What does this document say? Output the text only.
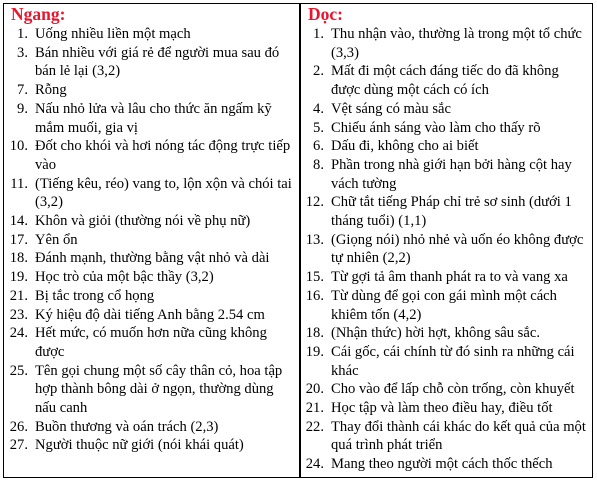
Ngang:
1. Uống nhiều liền một mạch
3. Bán nhiều với giá rẻ để người mua sau đó bán lẻ lại (3,2)
7. Rỗng
9. Nấu nhỏ lửa và lâu cho thức ăn ngấm kỹ mắm muối, gia vị
10. Đốt cho khói và hơi nóng tác động trực tiếp vào
11. (Tiếng kêu, réo) vang to, lộn xộn và chói tai (3,2)
14. Khôn và giỏi (thường nói về phụ nữ)
17. Yên ổn
18. Đánh mạnh, thường bằng vật nhỏ và dài
19. Học trò của một bậc thầy (3,2)
21. Bị tắc trong cổ họng
23. Ký hiệu độ dài tiếng Anh bằng 2.54 cm
24. Hết mức, có muốn hơn nữa cũng không được
25. Tên gọi chung một số cây thân cỏ, hoa tập hợp thành bông dài ở ngọn, thường dùng nấu canh
26. Buồn thương và oán trách (2,3)
27. Người thuộc nữ giới (nói khái quát)
Dọc:
1. Thu nhận vào, thường là trong một tổ chức (3,3)
2. Mất đi một cách đáng tiếc do đã không được dùng một cách có ích
4. Vệt sáng có màu sắc
5. Chiếu ánh sáng vào làm cho thấy rõ
6. Dấu đi, không cho ai biết
8. Phần trong nhà giới hạn bởi hàng cột hay vách tường
12. Chữ tắt tiếng Pháp chỉ trẻ sơ sinh (dưới 1 tháng tuổi) (1,1)
13. (Giọng nói) nhỏ nhẻ và uốn éo không được tự nhiên (2,2)
15. Từ gợi tả âm thanh phát ra to và vang xa
16. Từ dùng để gọi con gái mình một cách khiêm tốn (4,2)
18. (Nhận thức) hời hợt, không sâu sắc.
19. Cái gốc, cái chính từ đó sinh ra những cái khác
20. Cho vào để lấp chỗ còn trống, còn khuyết
21. Học tập và làm theo điều hay, điều tốt
22. Thay đổi thành cái khác do kết quả của một quá trình phát triển
24. Mang theo người một cách thốc thếch
